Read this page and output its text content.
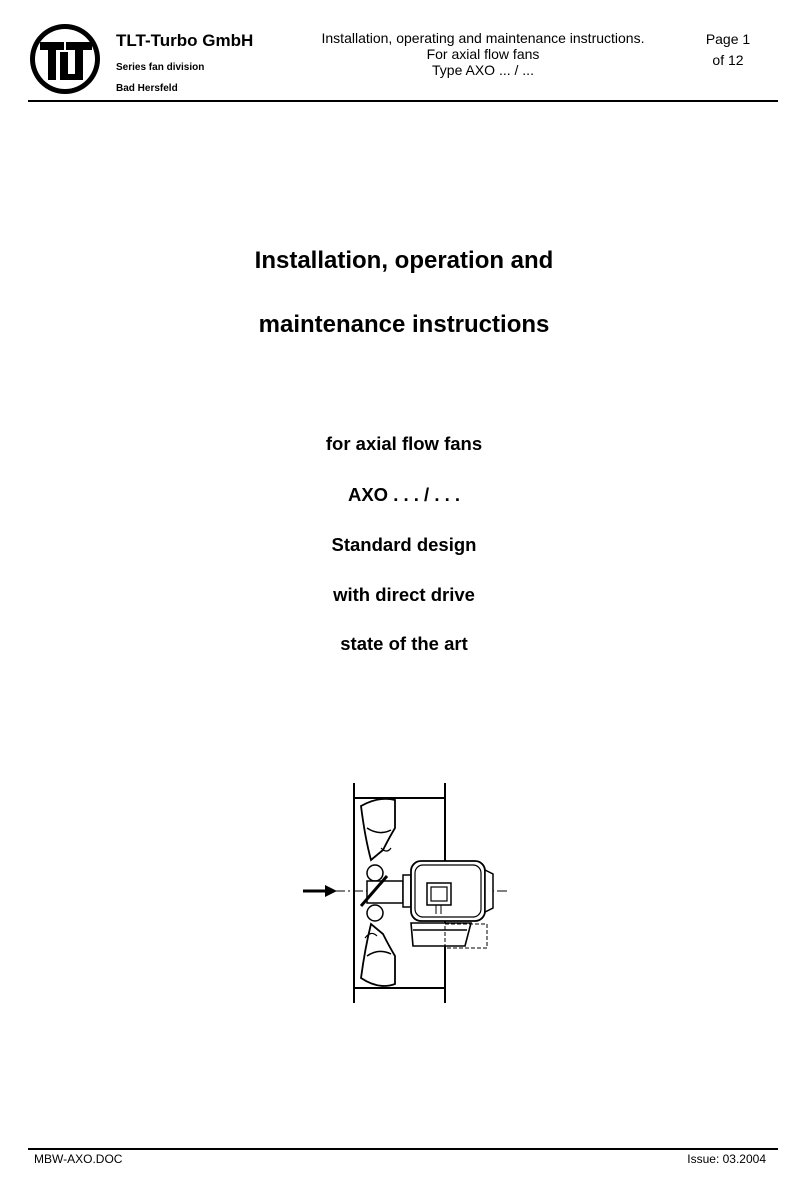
TLT-Turbo GmbH
Series fan division
Bad Hersfeld
Installation, operating and maintenance instructions.
For axial flow fans
Type AXO ... / ...
Page 1
of 12
Installation, operation and
maintenance instructions
for axial flow fans
AXO . . . / . . .
Standard design
with direct drive
state of the art
MBW-AXO.DOC	Issue: 03.2004
